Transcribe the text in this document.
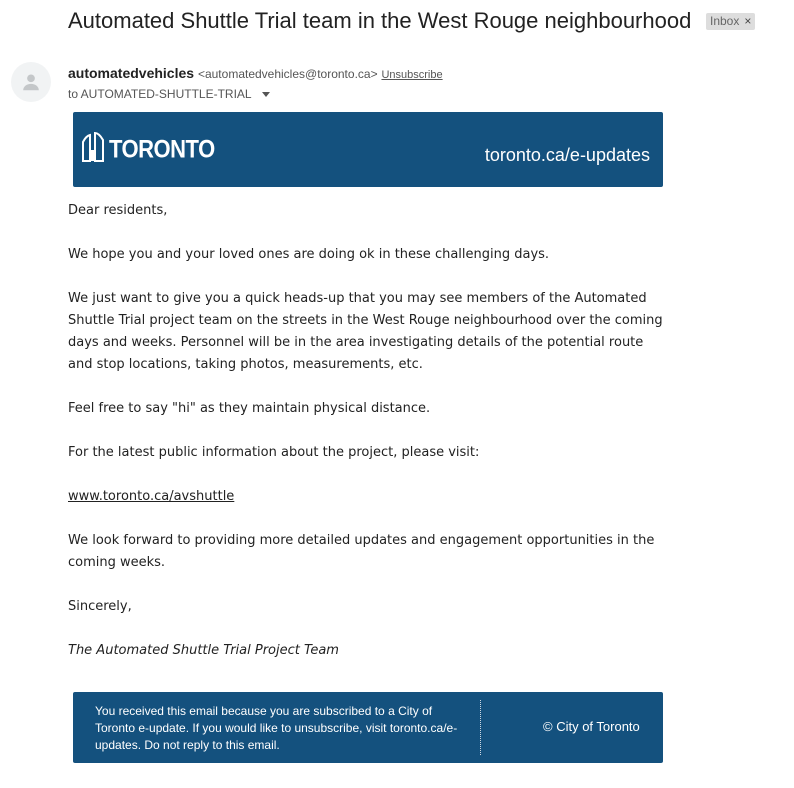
Automated Shuttle Trial team in the West Rouge neighbourhood Inbox ×
automatedvehicles <automatedvehicles@toronto.ca> Unsubscribe
to AUTOMATED-SHUTTLE-TRIAL
TORONTO	toronto.ca/e-updates

Dear residents,

We hope you and your loved ones are doing ok in these challenging days.

We just want to give you a quick heads-up that you may see members of the Automated Shuttle Trial project team on the streets in the West Rouge neighbourhood over the coming days and weeks. Personnel will be in the area investigating details of the potential route and stop locations, taking photos, measurements, etc.

Feel free to say "hi" as they maintain physical distance.

For the latest public information about the project, please visit:

www.toronto.ca/avshuttle

We look forward to providing more detailed updates and engagement opportunities in the coming weeks.

Sincerely,

The Automated Shuttle Trial Project Team

You received this email because you are subscribed to a City of Toronto e-update. If you would like to unsubscribe, visit toronto.ca/e-updates. Do not reply to this email.
© City of Toronto
